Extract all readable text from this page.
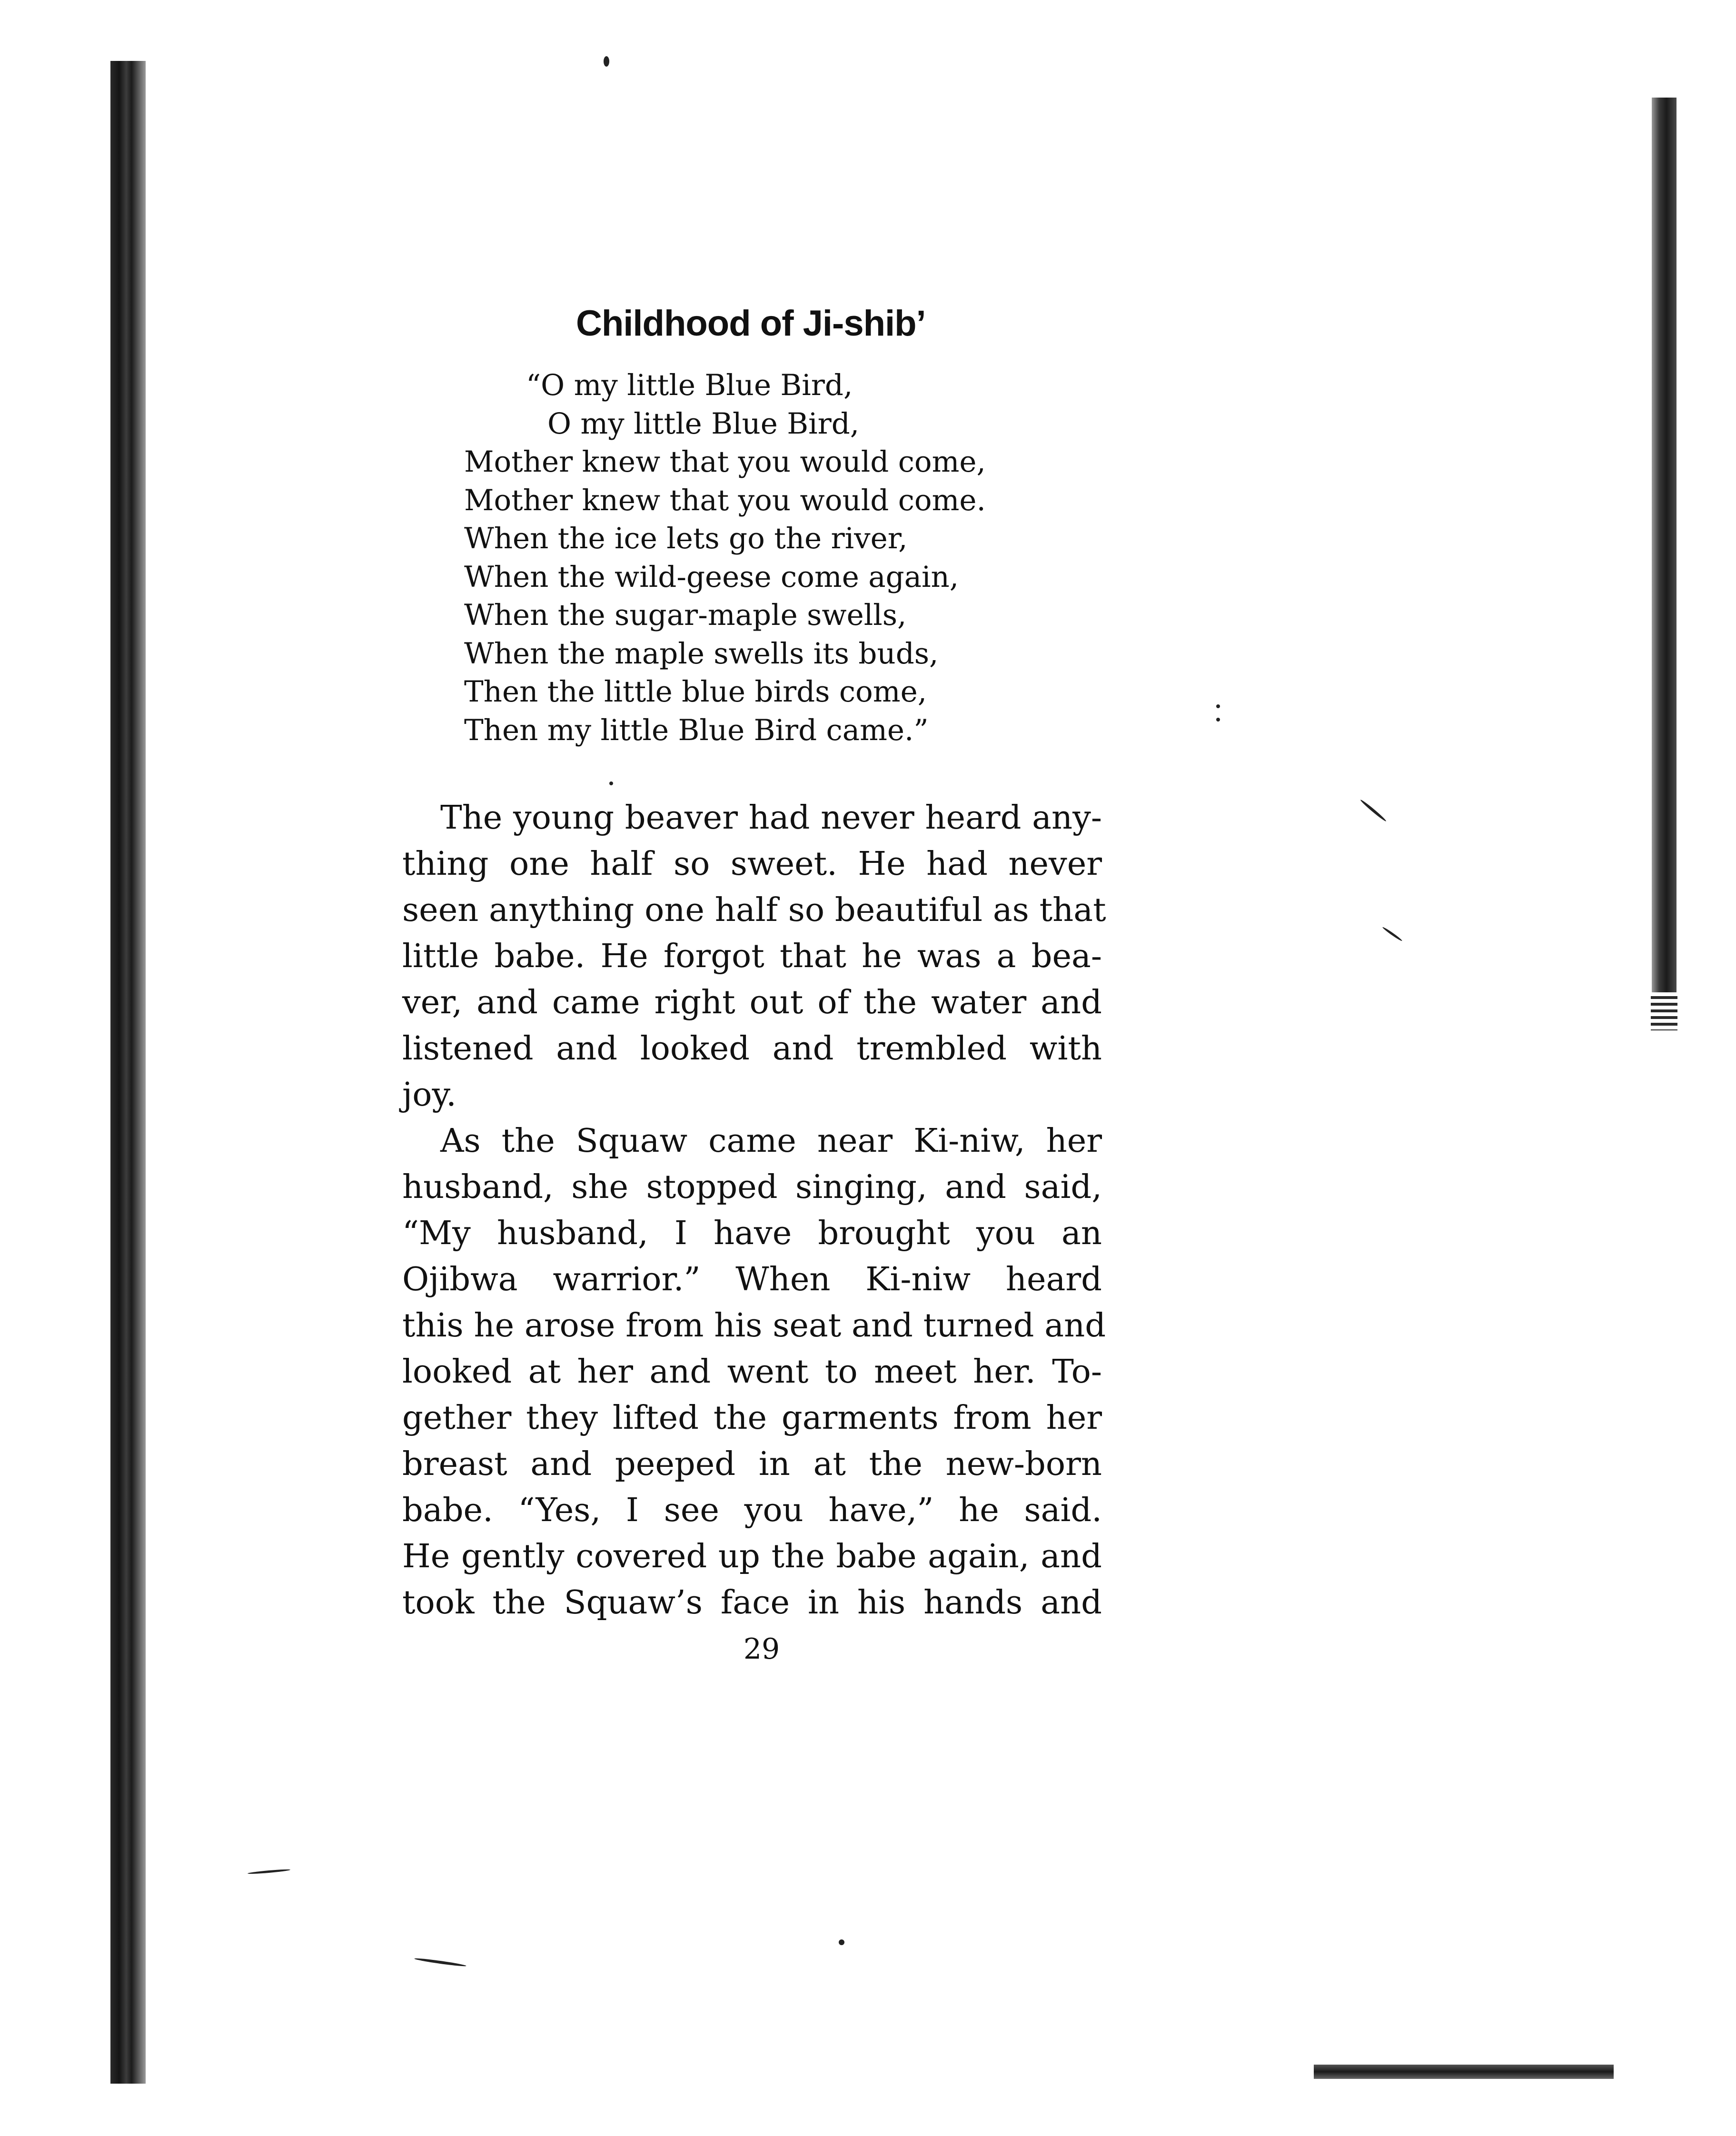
Childhood of Ji-shib’
“O my little Blue Bird,
O my little Blue Bird,
Mother knew that you would come,
Mother knew that you would come.
When the ice lets go the river,
When the wild-geese come again,
When the sugar-maple swells,
When the maple swells its buds,
Then the little blue birds come,
Then my little Blue Bird came.”
The young beaver had never heard any-
thing one half so sweet. He had never
seen anything one half so beautiful as that
little babe. He forgot that he was a bea-
ver, and came right out of the water and
listened and looked and trembled with
joy.
As the Squaw came near Ki-niw, her
husband, she stopped singing, and said,
“My husband, I have brought you an
Ojibwa warrior.” When Ki-niw heard
this he arose from his seat and turned and
looked at her and went to meet her. To-
gether they lifted the garments from her
breast and peeped in at the new-born
babe. “Yes, I see you have,” he said.
He gently covered up the babe again, and
took the Squaw’s face in his hands and
29
